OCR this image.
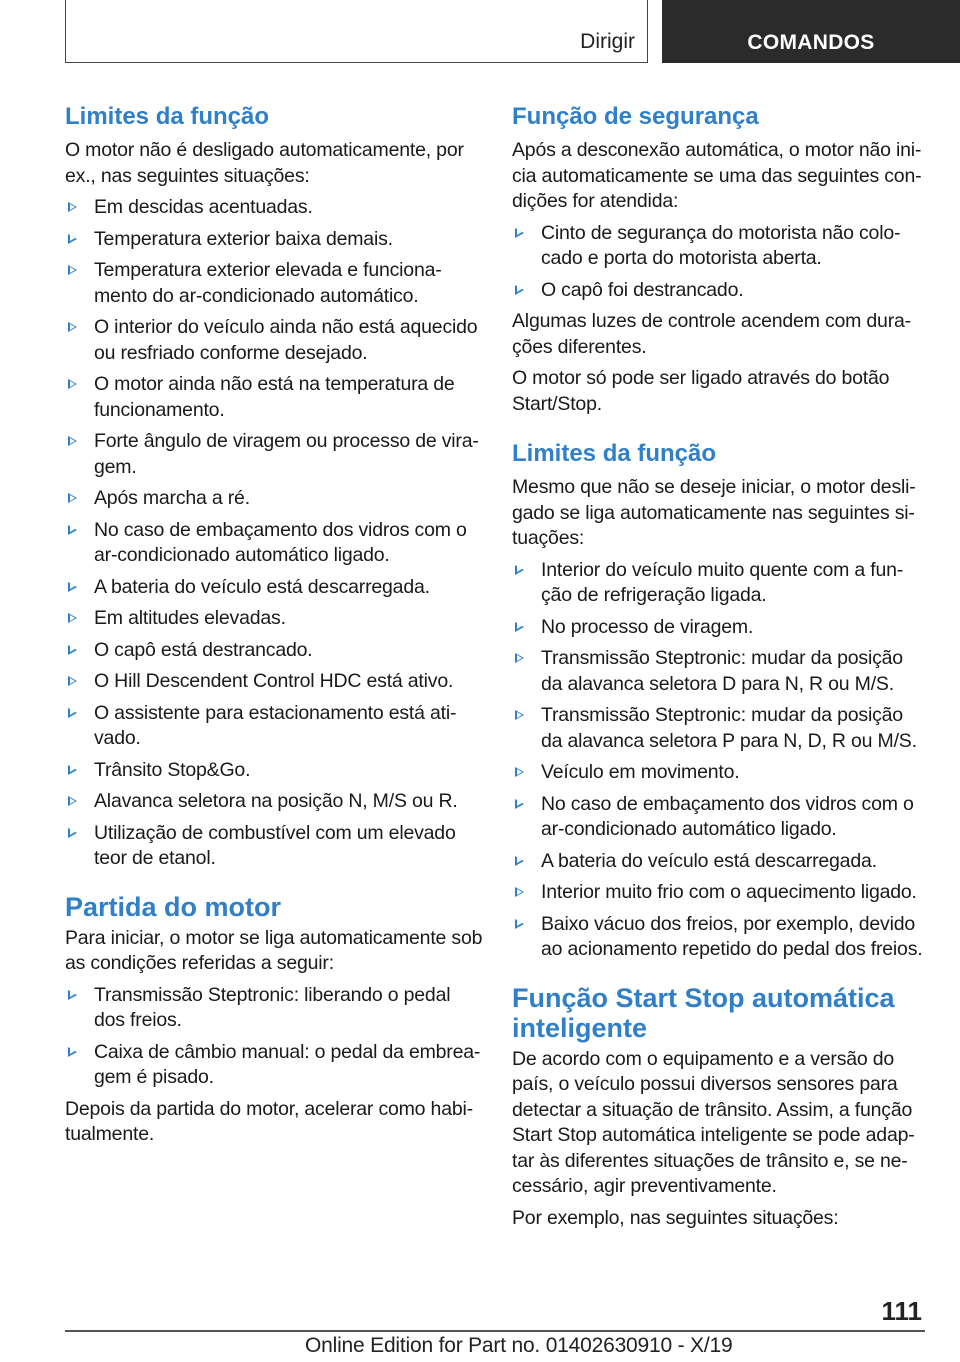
Dirigir	COMANDOS
Limites da função

O motor não é desligado automaticamente, por ex., nas seguintes situações:

Em descidas acentuadas.
Temperatura exterior baixa demais.
Temperatura exterior elevada e funcionamento do ar-condicionado automático.
O interior do veículo ainda não está aquecido ou resfriado conforme desejado.
O motor ainda não está na temperatura de funcionamento.
Forte ângulo de viragem ou processo de viragem.
Após marcha a ré.
No caso de embaçamento dos vidros com o ar-condicionado automático ligado.
A bateria do veículo está descarregada.
Em altitudes elevadas.
O capô está destrancado.
O Hill Descendent Control HDC está ativo.
O assistente para estacionamento está ativado.
Trânsito Stop&Go.
Alavanca seletora na posição N, M/S ou R.
Utilização de combustível com um elevado teor de etanol.
Partida do motor

Para iniciar, o motor se liga automaticamente sob as condições referidas a seguir:

Transmissão Steptronic: liberando o pedal dos freios.
Caixa de câmbio manual: o pedal da embreagem é pisado.

Depois da partida do motor, acelerar como habitualmente.

Função de segurança

Após a desconexão automática, o motor não inicia automaticamente se uma das seguintes condições for atendida:

Cinto de segurança do motorista não colocado e porta do motorista aberta.
O capô foi destrancado.

Algumas luzes de controle acendem com durações diferentes.

O motor só pode ser ligado através do botão Start/Stop.

Limites da função

Mesmo que não se deseje iniciar, o motor desligado se liga automaticamente nas seguintes situações:

Interior do veículo muito quente com a função de refrigeração ligada.
No processo de viragem.
Transmissão Steptronic: mudar da posição da alavanca seletora D para N, R ou M/S.
Transmissão Steptronic: mudar da posição da alavanca seletora P para N, D, R ou M/S.
Veículo em movimento.
No caso de embaçamento dos vidros com o ar-condicionado automático ligado.
A bateria do veículo está descarregada.
Interior muito frio com o aquecimento ligado.
Baixo vácuo dos freios, por exemplo, devido ao acionamento repetido do pedal dos freios.
Função Start Stop automática inteligente

De acordo com o equipamento e a versão do país, o veículo possui diversos sensores para detectar a situação de trânsito. Assim, a função Start Stop automática inteligente se pode adaptar às diferentes situações de trânsito e, se necessário, agir preventivamente.

Por exemplo, nas seguintes situações:

111
Online Edition for Part no. 01402630910 - X/19
